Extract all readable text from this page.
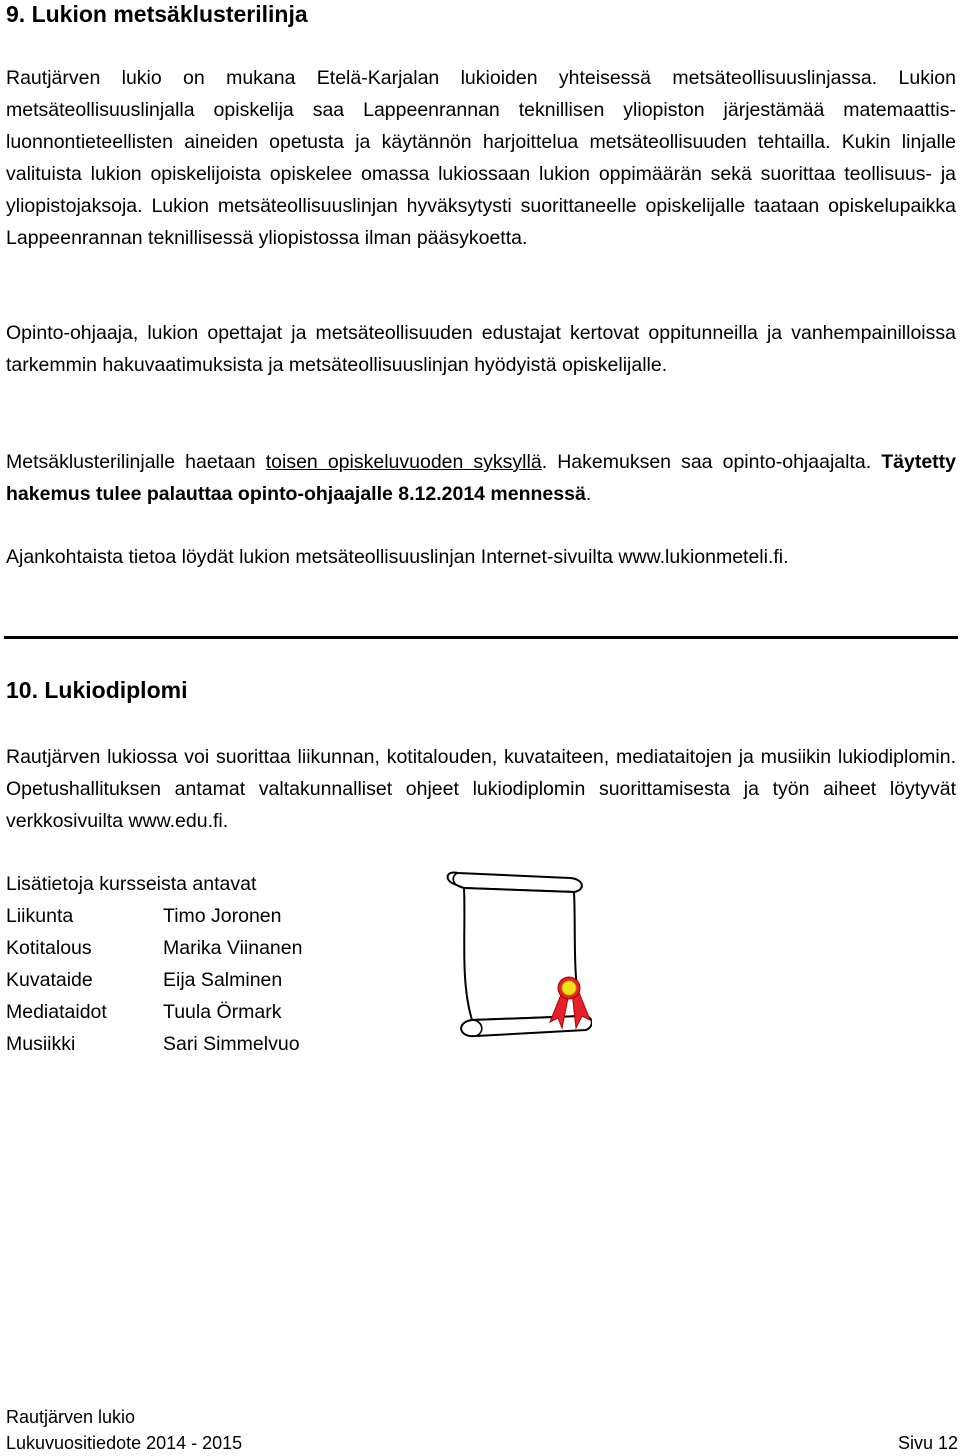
9. Lukion metsäklusterilinja

Rautjärven lukio on mukana Etelä-Karjalan lukioiden yhteisessä metsäteollisuuslinjassa. Lukion metsäteollisuuslinjalla opiskelija saa Lappeenrannan teknillisen yliopiston järjestämää matemaattis-luonnontieteellisten aineiden opetusta ja käytännön harjoittelua metsäteollisuuden tehtailla. Kukin linjalle valituista lukion opiskelijoista opiskelee omassa lukiossaan lukion oppimäärän sekä suorittaa teollisuus- ja yliopistojaksoja. Lukion metsäteollisuuslinjan hyväksytysti suorittaneelle opiskelijalle taataan opiskelupaikka Lappeenrannan teknillisessä yliopistossa ilman pääsykoetta.

Opinto-ohjaaja, lukion opettajat ja metsäteollisuuden edustajat kertovat oppitunneilla ja vanhempainilloissa tarkemmin hakuvaatimuksista ja metsäteollisuuslinjan hyödyistä opiskelijalle.

Metsäklusterilinjalle haetaan toisen opiskeluvuoden syksyllä. Hakemuksen saa opinto-ohjaajalta. Täytetty hakemus tulee palauttaa opinto-ohjaajalle 8.12.2014 mennessä.

Ajankohtaista tietoa löydät lukion metsäteollisuuslinjan Internet-sivuilta www.lukionmeteli.fi.

10. Lukiodiplomi

Rautjärven lukiossa voi suorittaa liikunnan, kotitalouden, kuvataiteen, mediataitojen ja musiikin lukiodiplomin. Opetushallituksen antamat valtakunnalliset ohjeet lukiodiplomin suorittamisesta ja työn aiheet löytyvät verkkosivuilta www.edu.fi.

Lisätietoja kursseista antavat
Liikunta	Timo Joronen
Kotitalous	Marika Viinanen
Kuvataide	Eija Salminen
Mediataidot	Tuula Örmark
Musiikki	Sari Simmelvuo
Rautjärven lukio
Lukuvuositiedote 2014 - 2015	Sivu 12
